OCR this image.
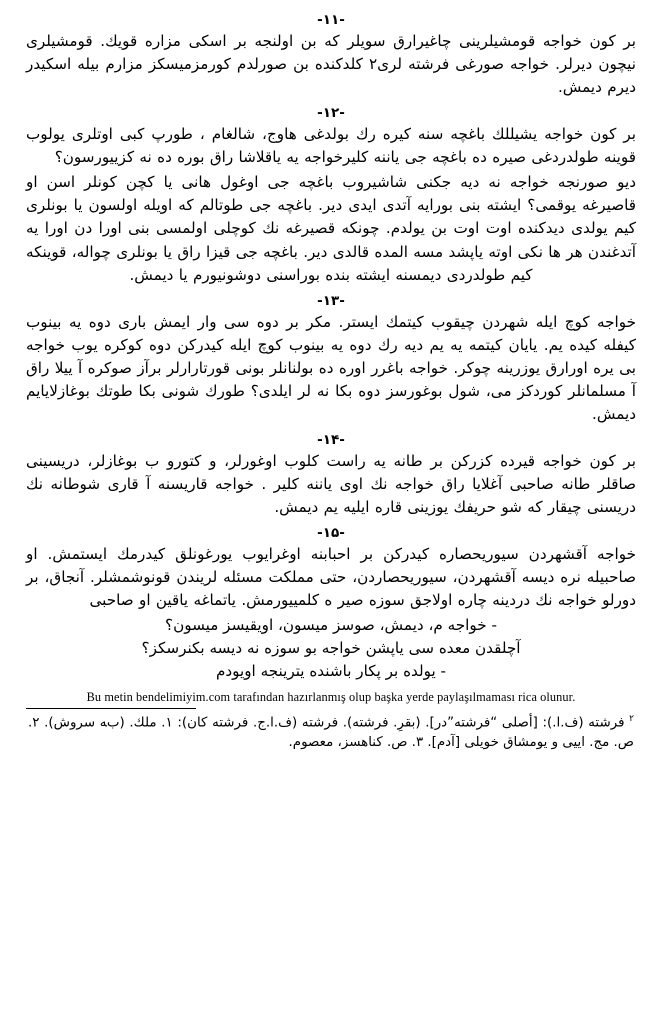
-۱۱-

بر كون خواجه قومشیلرینی چاغیرارق سویلر كه بن اولنجه بر اسكی مزاره قویك. قومشیلری نیچون دیرلر. خواجه صورغی فرشته لری۲ كلدكنده بن صورلدم كورمزمیسكز مزارم بیله اسكیدر دیرم دیمش.

-۱۲-

بر كون خواجه یشیللك باغچه سنه كیره رك بولدغی هاوج، شالغام ، طورپ كبی اوتلری یولوب قوینه طولدردغی صیره ده باغچه جی یاننه كلیرخواجه یه یاقلاشا راق بوره ده نه كزیيورسون؟

دیو صورنجه خواجه نه دیه جكنی شاشیروب باغچه جی اوغول هانی یا كچن كونلر اسن او قاصیرغه یوقمی؟ ایشته بنی بورایه آتدی ایدی دیر. باغچه جی طوتالم كه اویله اولسون یا بونلری كیم یولدی دیدكنده اوت اوت بن یولدم. چونكه قصیرغه نك كوچلی اولمسی بنی اورا دن اورا یه آتدغندن هر ها نكی اوته یاپشد مسه المده قالدی دیر. باغچه جی قیزا راق یا بونلری چواله، قوینكه كیم طولدردی دیمسنه ایشته بنده بوراسنی دوشونیورم یا دیمش.

-۱۳-

خواجه كوچ ایله شهردن چیقوب كیتمك ایستر. مكر بر دوه سی وار ایمش باری دوه یه بینوب كیفله كیده یم. یایان كیتمه یه یم دیه رك دوه یه بینوب كوچ ایله كیدركن دوه كوكره یوب خواجه بی یره اورارق یوزرینه چوكر. خواجه باغرر اوره ده بولنانلر بونی قورتارارلر برآز صوكره آ ییلا راق آ مسلمانلر كوردكز می، شول بوغورسز دوه بكا نه لر ایلدی؟ طورك شونی بكا طوتك بوغازلایایم دیمش.

-۱۴-

بر كون خواجه قیرده كزركن بر طانه یه راست كلوب اوغورلر، و كتورو ب بوغازلر، دریسینی صاقلر طانه صاحبی آغلایا راق خواجه نك اوی یاننه كلیر . خواجه قاریسنه آ قاری شوطانه نك دریسنی چیقار كه شو حریفك یوزینی قاره ایلیه یم دیمش.

-۱۵-

خواجه آقشهردن سیوریحصاره كیدركن بر احبابنه اوغرایوب یورغونلق كیدرمك ایستمش. او صاحبیله نره دیسه آقشهردن، سیوریحصاردن، حتی مملكت مسئله لریندن قونوشمشلر. آنجاق، بر دورلو خواجه نك دردینه چاره اولاجق سوزه صیر ه كلمییورمش. یاتماغه یاقین او صاحبی

- خواجه م، دیمش، صوسز میسون، اویقیسز میسون؟

آچلقدن معده سی یاپشن خواجه بو سوزه نه دیسه بكنرسكز؟

- یولده بر پكار باشنده یترینجه اویودم

Bu metin bendelimiyim.com tarafından hazırlanmış olup başka yerde paylaşılmaması rica olunur.
$^۲$ فرشته (ف.ا.): [أصلی “فرشته”در]. (بقرِ. فرشته). فرشته (ف.ا.ج. فرشته كان): ۱. ملك. (بﻪ سروش). ۲. ص. مج. ایيی و یومشاق خویلی [آدم]. ۳. ص. كناهسز، معصوم.
